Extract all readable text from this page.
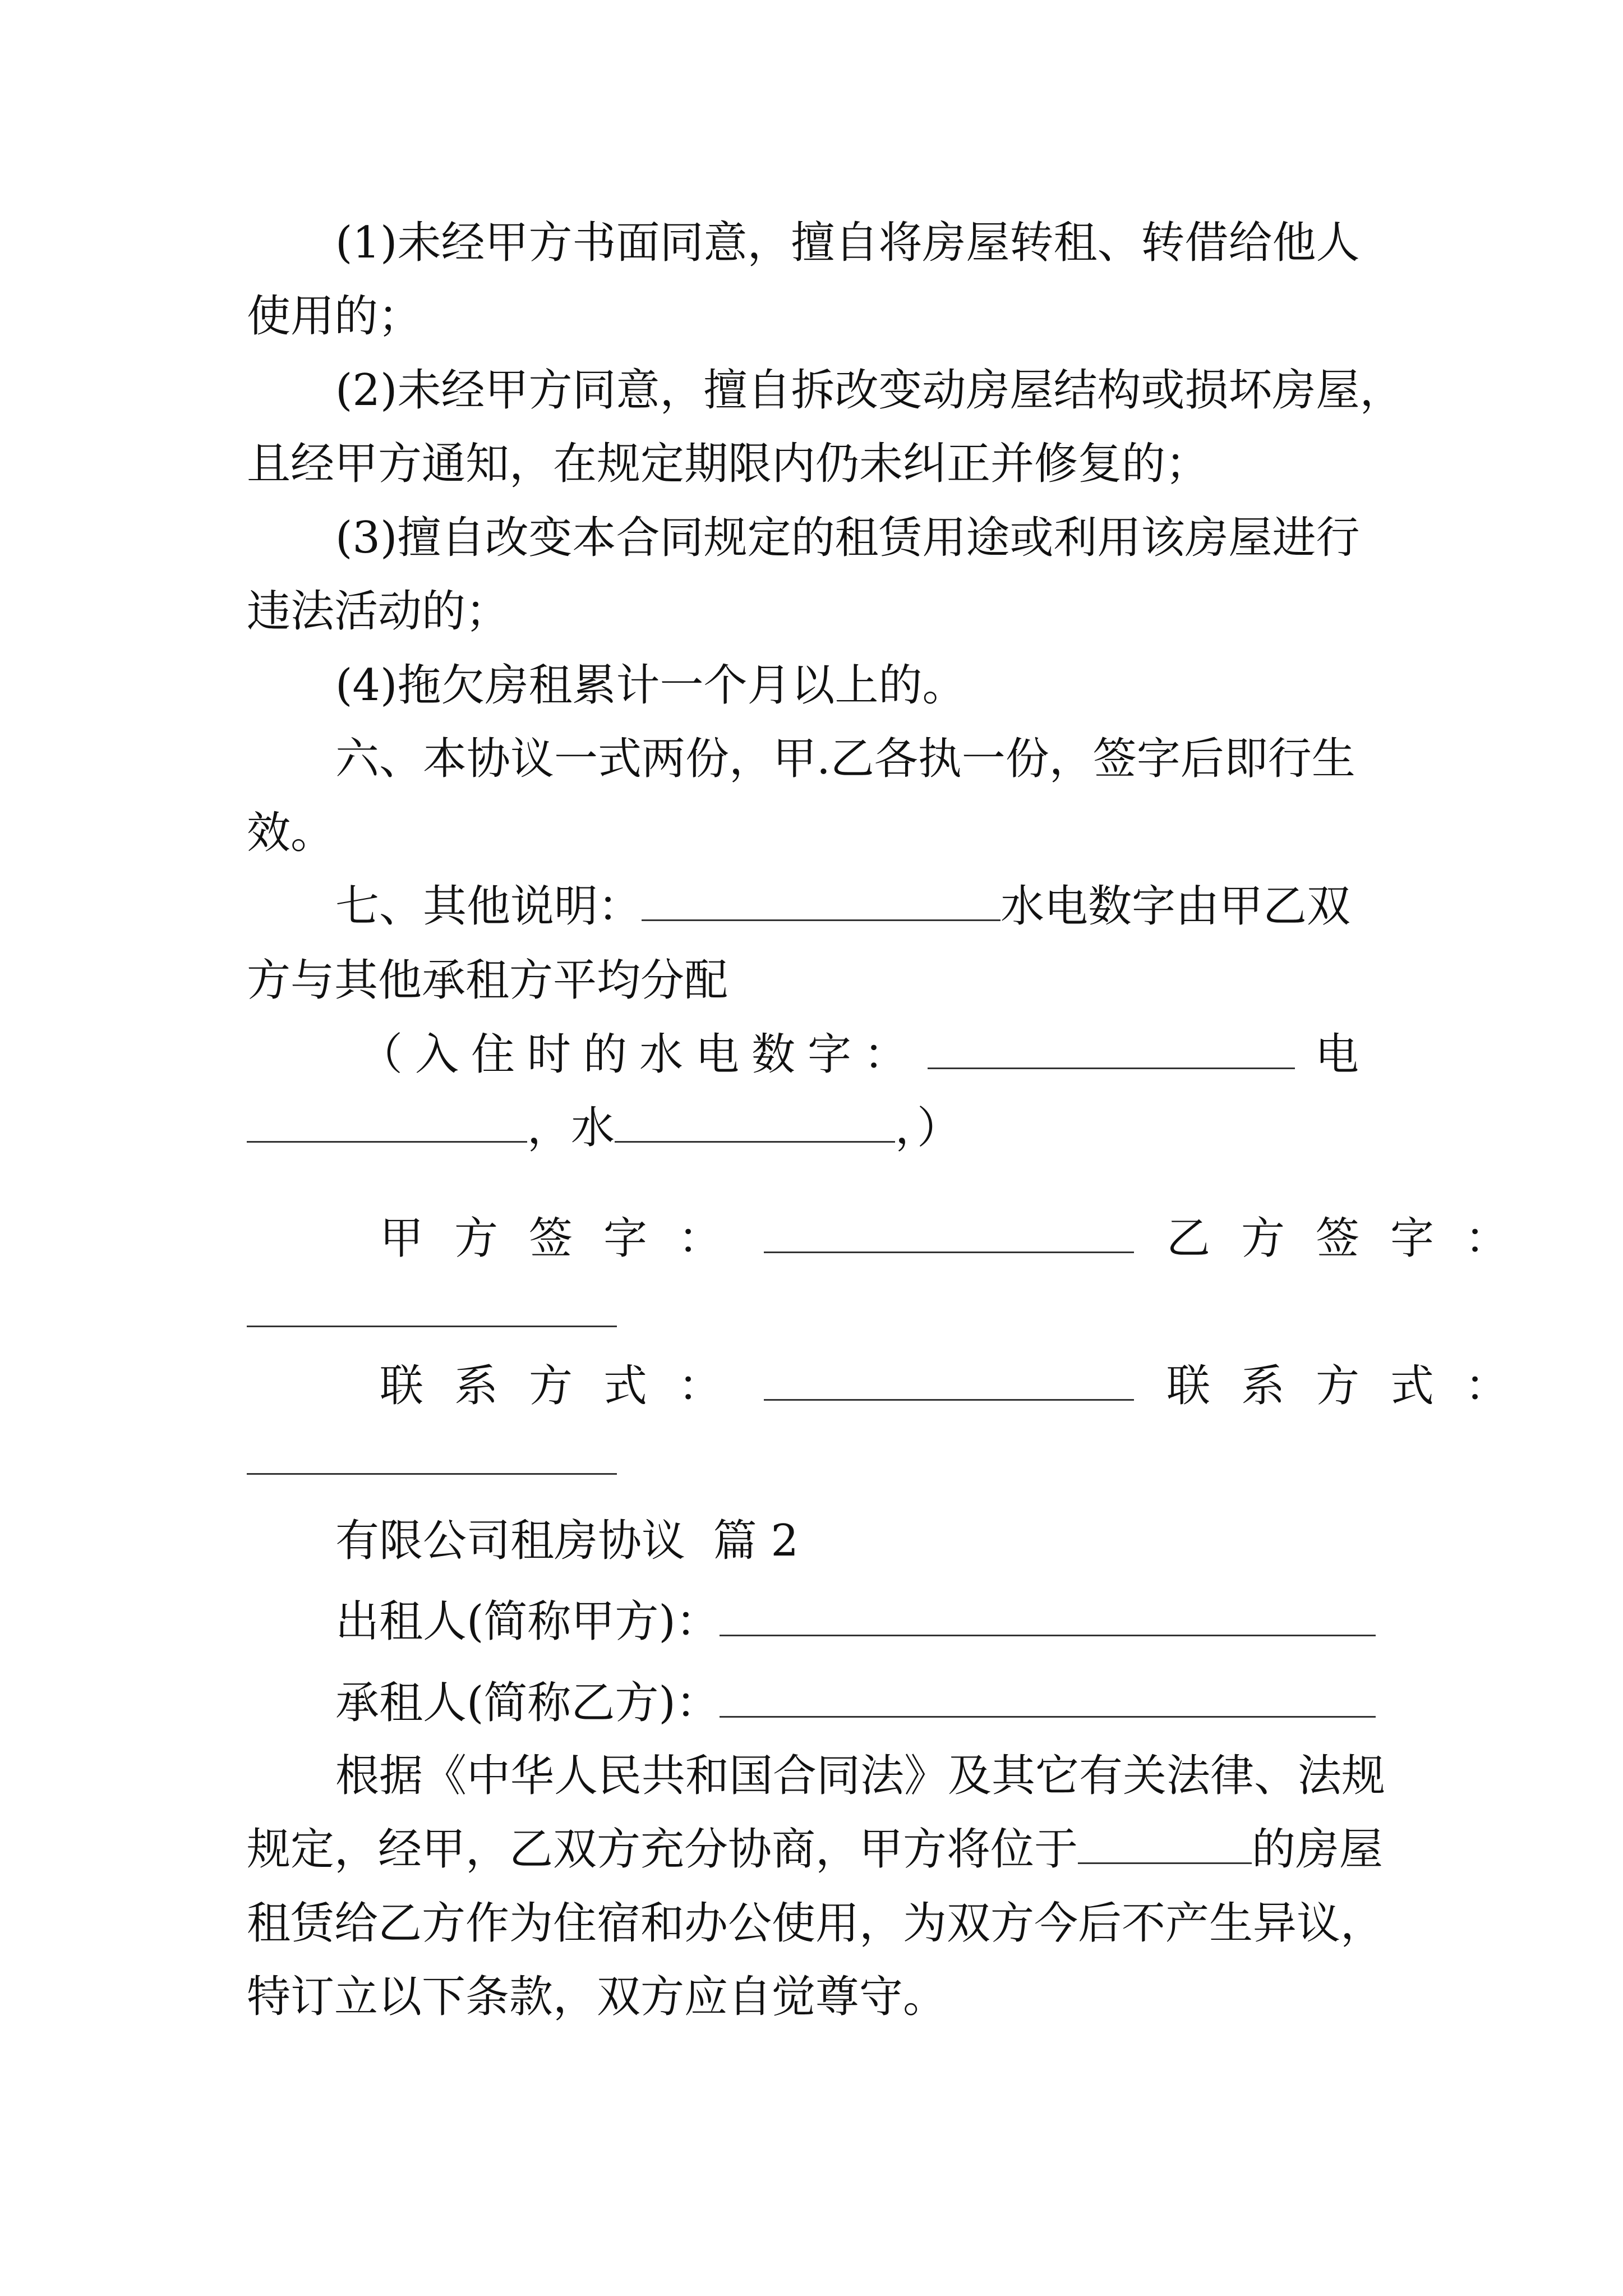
(1)未经甲方书面同意，擅自将房屋转租、转借给他人
使用的；
(2)未经甲方同意，擅自拆改变动房屋结构或损坏房屋，
且经甲方通知，在规定期限内仍未纠正并修复的；
(3)擅自改变本合同规定的租赁用途或利用该房屋进行
违法活动的；
(4)拖欠房租累计一个月以上的。
六、本协议一式两份，甲.乙各执一份，签字后即行生
效。
七、其他说明：	水电数字由甲乙双
方与其他承租方平均分配
（入住时的水电数字：	电
，水	，）
甲方签字：	乙方签字：
联系方式：	联系方式：
有限公司租房协议  篇 2
出租人(简称甲方)：
承租人(简称乙方)：
根据《中华人民共和国合同法》及其它有关法律、法规
规定，经甲，乙双方充分协商，甲方将位于	的房屋
租赁给乙方作为住宿和办公使用，为双方今后不产生异议，
特订立以下条款，双方应自觉尊守。
